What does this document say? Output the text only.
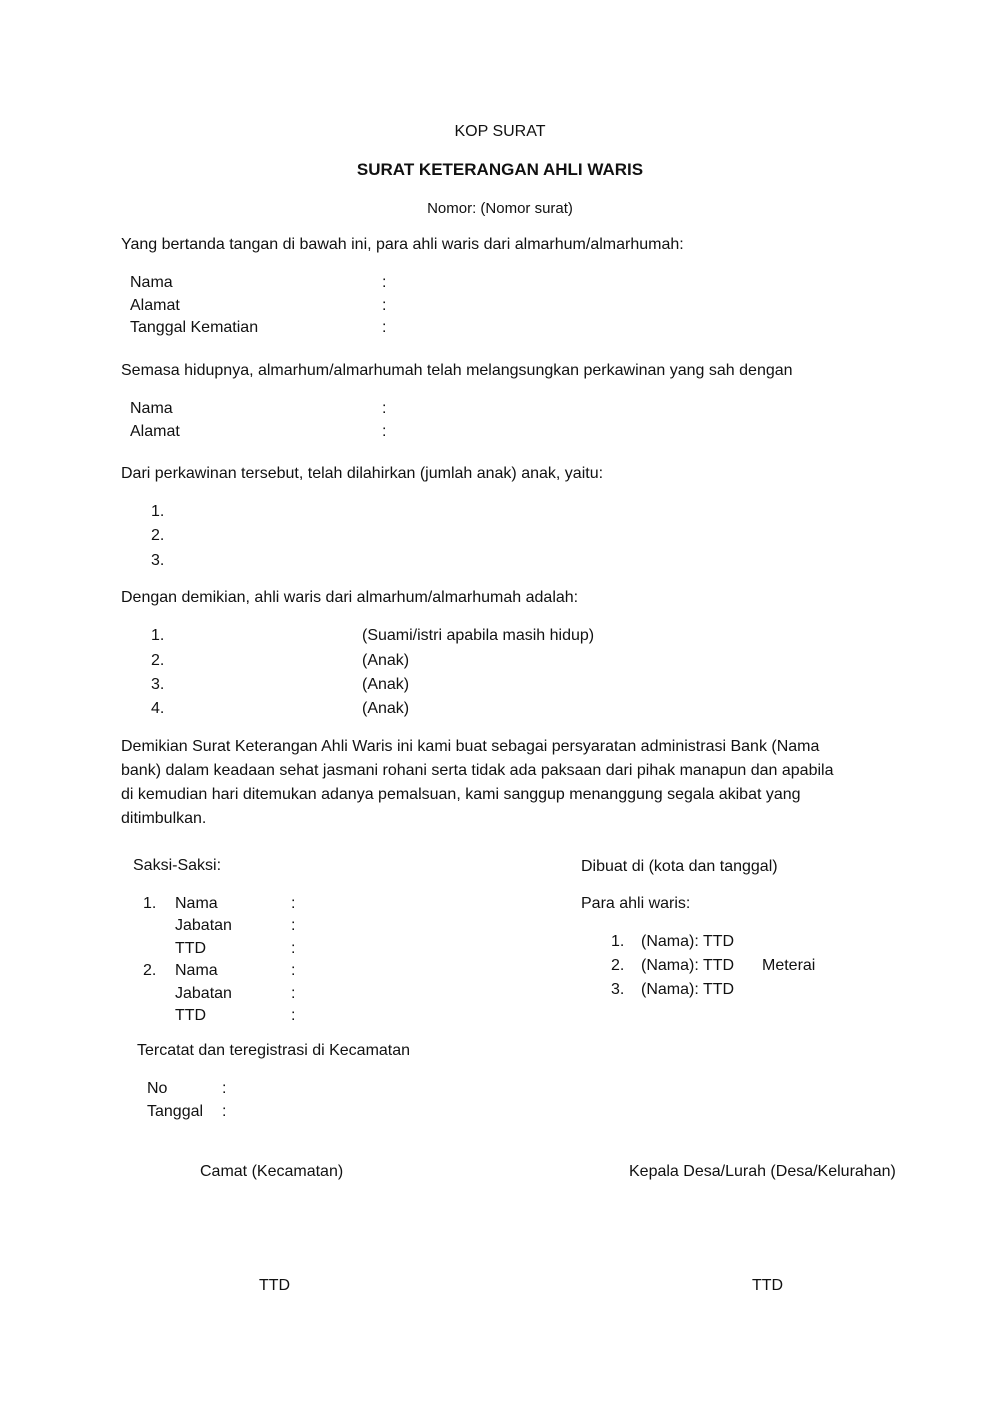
KOP SURAT
SURAT KETERANGAN AHLI WARIS
Nomor: (Nomor surat)
Yang bertanda tangan di bawah ini, para ahli waris dari almarhum/almarhumah:
Nama	:
Alamat	:
Tanggal Kematian	:
Semasa hidupnya, almarhum/almarhumah telah melangsungkan perkawinan yang sah dengan
Nama	:
Alamat	:
Dari perkawinan tersebut, telah dilahirkan (jumlah anak) anak, yaitu:
1.
2.
3.
Dengan demikian, ahli waris dari almarhum/almarhumah adalah:
1.	(Suami/istri apabila masih hidup)
2.	(Anak)
3.	(Anak)
4.	(Anak)
Demikian Surat Keterangan Ahli Waris ini kami buat sebagai persyaratan administrasi Bank (Nama
bank) dalam keadaan sehat jasmani rohani serta tidak ada paksaan dari pihak manapun dan apabila
di kemudian hari ditemukan adanya pemalsuan, kami sanggup menanggung segala akibat yang
ditimbulkan.
Saksi-Saksi:
1. Nama	:
Jabatan	:
TTD	:
2. Nama	:
Jabatan	:
TTD	:
Dibuat di (kota dan tanggal)
Para ahli waris:
1. (Nama): TTD
2. (Nama): TTD Meterai
3. (Nama): TTD
Tercatat dan teregistrasi di Kecamatan
No	:
Tanggal :
Camat (Kecamatan)	Kepala Desa/Lurah (Desa/Kelurahan)
TTD	TTD
